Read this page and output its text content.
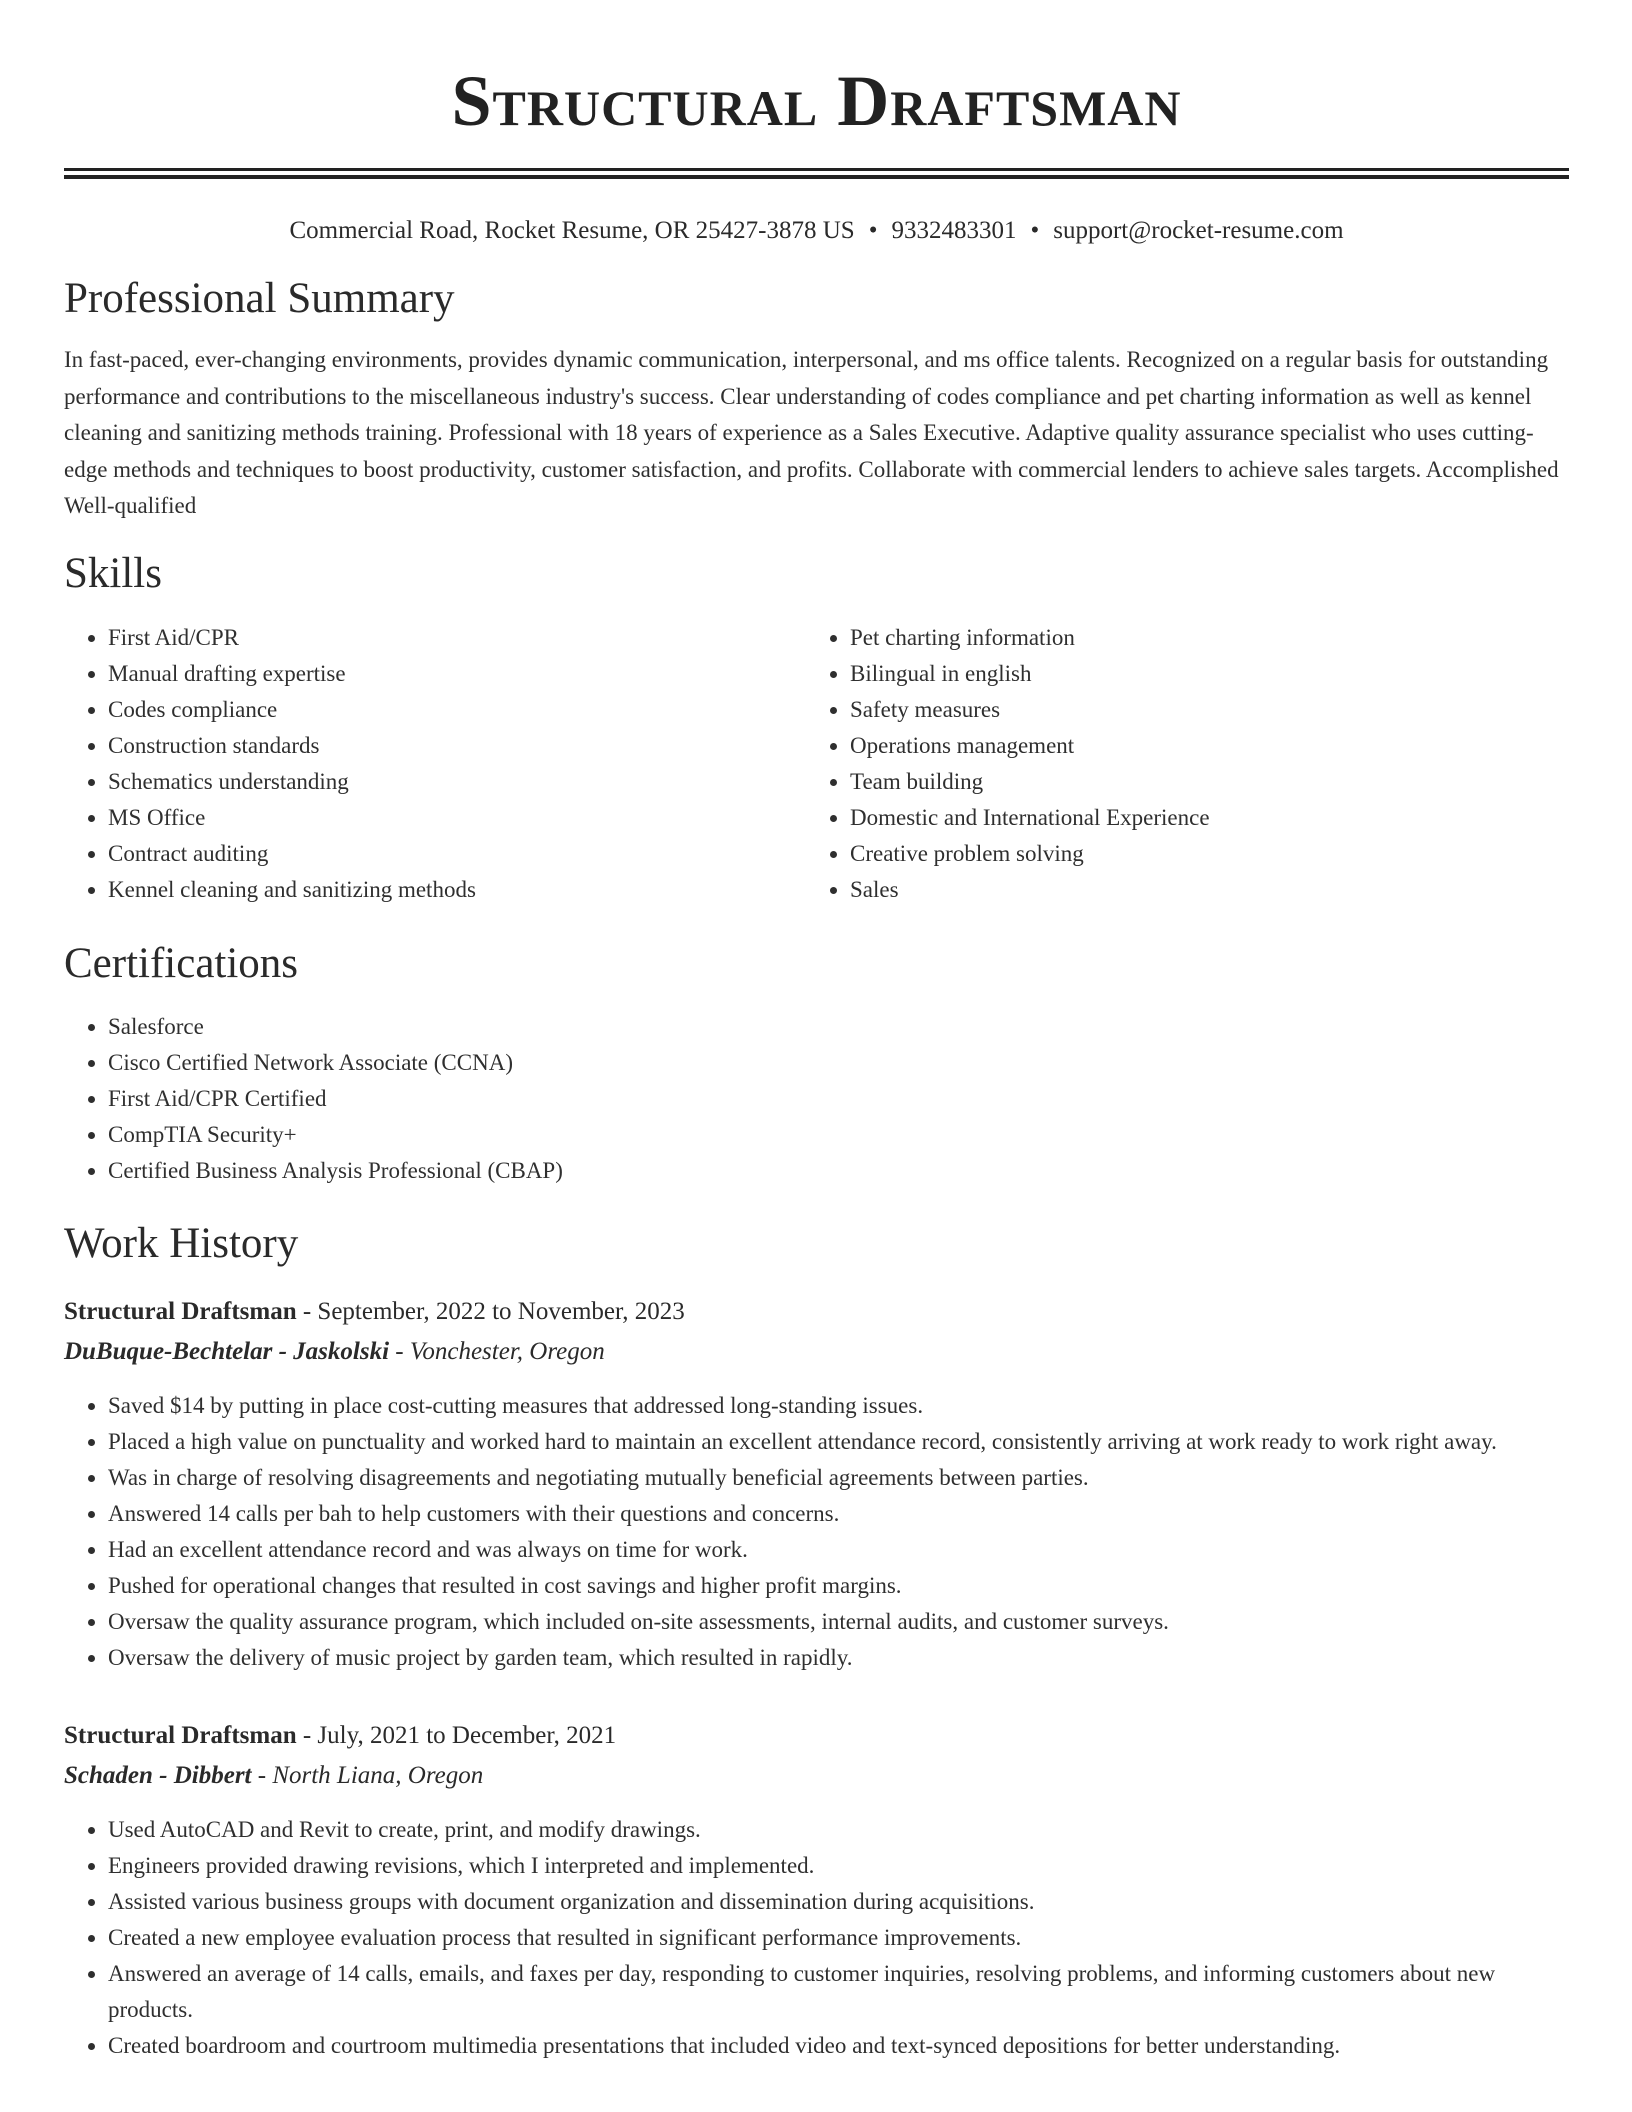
Structural Draftsman
Commercial Road, Rocket Resume, OR 25427-3878 US • 9332483301 • support@rocket-resume.com
Professional Summary

In fast-paced, ever-changing environments, provides dynamic communication, interpersonal, and ms office talents. Recognized on a regular basis for outstanding performance and contributions to the miscellaneous industry's success. Clear understanding of codes compliance and pet charting information as well as kennel cleaning and sanitizing methods training. Professional with 18 years of experience as a Sales Executive. Adaptive quality assurance specialist who uses cutting-edge methods and techniques to boost productivity, customer satisfaction, and profits. Collaborate with commercial lenders to achieve sales targets. Accomplished Well-qualified

Skills
• First Aid/CPR
• Manual drafting expertise
• Codes compliance
• Construction standards
• Schematics understanding
• MS Office
• Contract auditing
• Kennel cleaning and sanitizing methods
• Pet charting information
• Bilingual in english
• Safety measures
• Operations management
• Team building
• Domestic and International Experience
• Creative problem solving
• Sales
Certifications
• Salesforce
• Cisco Certified Network Associate (CCNA)
• First Aid/CPR Certified
• CompTIA Security+
• Certified Business Analysis Professional (CBAP)
Work History
Structural Draftsman - September, 2022 to November, 2023
DuBuque-Bechtelar - Jaskolski - Vonchester, Oregon
• Saved $14 by putting in place cost-cutting measures that addressed long-standing issues.
• Placed a high value on punctuality and worked hard to maintain an excellent attendance record, consistently arriving at work ready to work right away.
• Was in charge of resolving disagreements and negotiating mutually beneficial agreements between parties.
• Answered 14 calls per bah to help customers with their questions and concerns.
• Had an excellent attendance record and was always on time for work.
• Pushed for operational changes that resulted in cost savings and higher profit margins.
• Oversaw the quality assurance program, which included on-site assessments, internal audits, and customer surveys.
• Oversaw the delivery of music project by garden team, which resulted in rapidly.
Structural Draftsman - July, 2021 to December, 2021
Schaden - Dibbert - North Liana, Oregon
• Used AutoCAD and Revit to create, print, and modify drawings.
• Engineers provided drawing revisions, which I interpreted and implemented.
• Assisted various business groups with document organization and dissemination during acquisitions.
• Created a new employee evaluation process that resulted in significant performance improvements.
• Answered an average of 14 calls, emails, and faxes per day, responding to customer inquiries, resolving problems, and informing customers about new products.
• Created boardroom and courtroom multimedia presentations that included video and text-synced depositions for better understanding.
